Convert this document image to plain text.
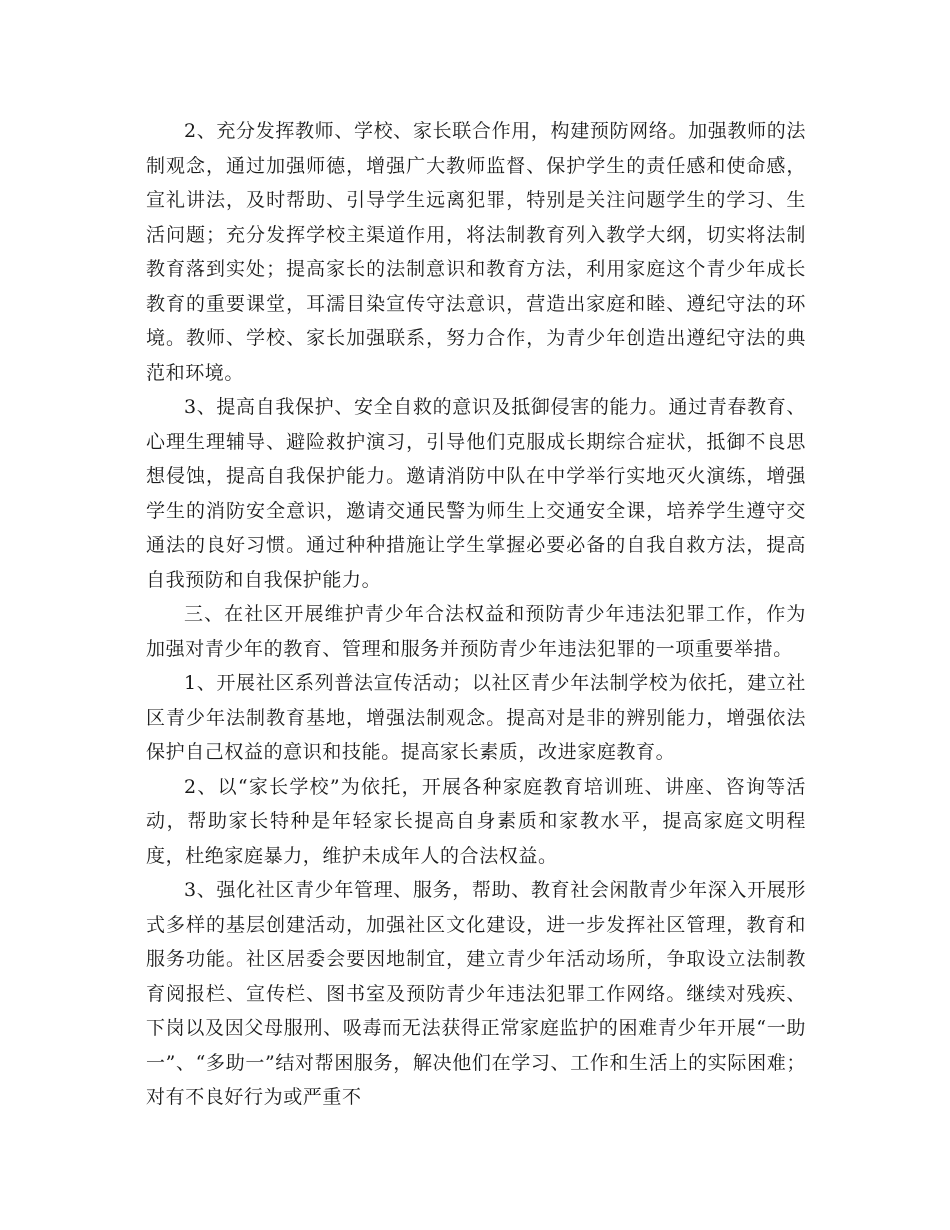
2、充分发挥教师、学校、家长联合作用，构建预防网络。加强教师的法制观念，通过加强师德，增强广大教师监督、保护学生的责任感和使命感，宣礼讲法，及时帮助、引导学生远离犯罪，特别是关注问题学生的学习、生活问题；充分发挥学校主渠道作用，将法制教育列入教学大纲，切实将法制教育落到实处；提高家长的法制意识和教育方法，利用家庭这个青少年成长教育的重要课堂，耳濡目染宣传守法意识，营造出家庭和睦、遵纪守法的环境。教师、学校、家长加强联系，努力合作，为青少年创造出遵纪守法的典范和环境。

3、提高自我保护、安全自救的意识及抵御侵害的能力。通过青春教育、心理生理辅导、避险救护演习，引导他们克服成长期综合症状，抵御不良思想侵蚀，提高自我保护能力。邀请消防中队在中学举行实地灭火演练，增强学生的消防安全意识，邀请交通民警为师生上交通安全课，培养学生遵守交通法的良好习惯。通过种种措施让学生掌握必要必备的自我自救方法，提高自我预防和自我保护能力。

三、在社区开展维护青少年合法权益和预防青少年违法犯罪工作，作为加强对青少年的教育、管理和服务并预防青少年违法犯罪的一项重要举措。

1、开展社区系列普法宣传活动；以社区青少年法制学校为依托，建立社区青少年法制教育基地，增强法制观念。提高对是非的辨别能力，增强依法保护自己权益的意识和技能。提高家长素质，改进家庭教育。

2、以“家长学校”为依托，开展各种家庭教育培训班、讲座、咨询等活动，帮助家长特种是年轻家长提高自身素质和家教水平，提高家庭文明程度，杜绝家庭暴力，维护未成年人的合法权益。

3、强化社区青少年管理、服务，帮助、教育社会闲散青少年深入开展形式多样的基层创建活动，加强社区文化建设，进一步发挥社区管理，教育和服务功能。社区居委会要因地制宜，建立青少年活动场所，争取设立法制教育阅报栏、宣传栏、图书室及预防青少年违法犯罪工作网络。继续对残疾、下岗以及因父母服刑、吸毒而无法获得正常家庭监护的困难青少年开展“一助一”、“多助一”结对帮困服务，解决他们在学习、工作和生活上的实际困难；对有不良好行为或严重不
